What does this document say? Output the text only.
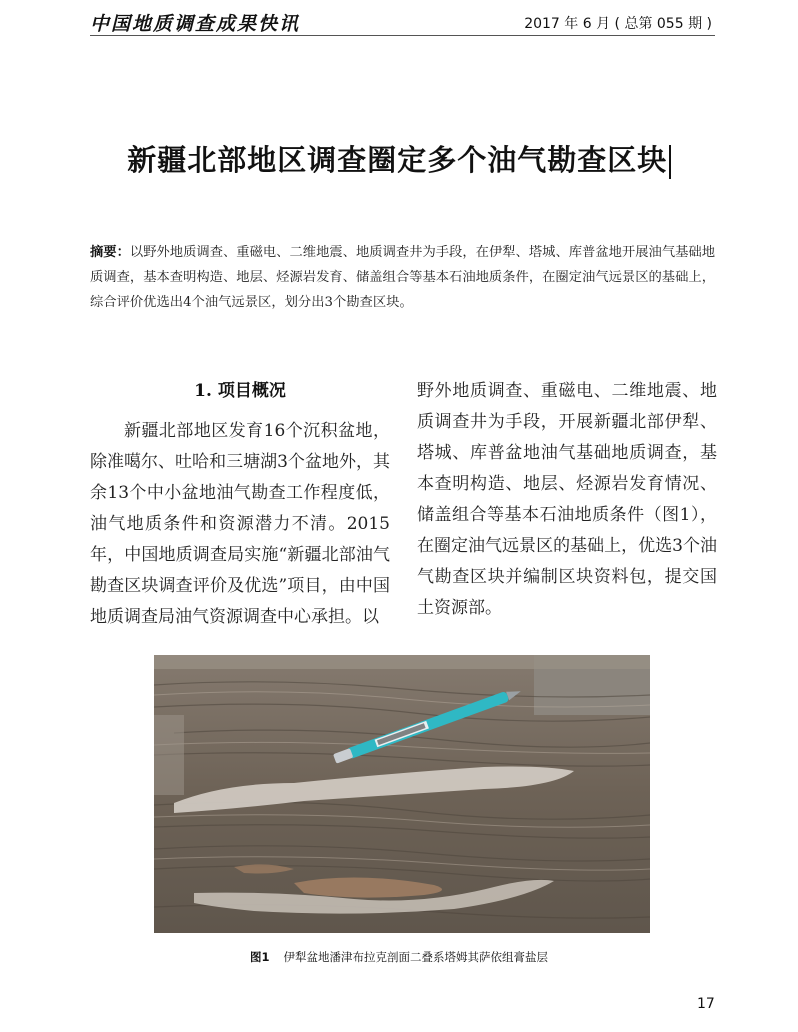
中国地质调查成果快讯	2017 年 6 月 ( 总第 055 期 )
新疆北部地区调查圈定多个油气勘查区块

摘要：以野外地质调查、重磁电、二维地震、地质调查井为手段，在伊犁、塔城、库普盆地开展油气基础地质调查，基本查明构造、地层、烃源岩发育、储盖组合等基本石油地质条件，在圈定油气远景区的基础上，综合评价优选出4个油气远景区，划分出3个勘查区块。

1. 项目概况

新疆北部地区发育16个沉积盆地，除准噶尔、吐哈和三塘湖3个盆地外，其余13个中小盆地油气勘查工作程度低，油气地质条件和资源潜力不清。2015年，中国地质调查局实施“新疆北部油气勘查区块调查评价及优选”项目，由中国地质调查局油气资源调查中心承担。以

野外地质调查、重磁电、二维地震、地质调查井为手段，开展新疆北部伊犁、塔城、库普盆地油气基础地质调查，基本查明构造、地层、烃源岩发育情况、储盖组合等基本石油地质条件（图1），在圈定油气远景区的基础上，优选3个油气勘查区块并编制区块资料包，提交国土资源部。

图1 伊犁盆地潘津布拉克剖面二叠系塔姆其萨依组膏盐层
17
